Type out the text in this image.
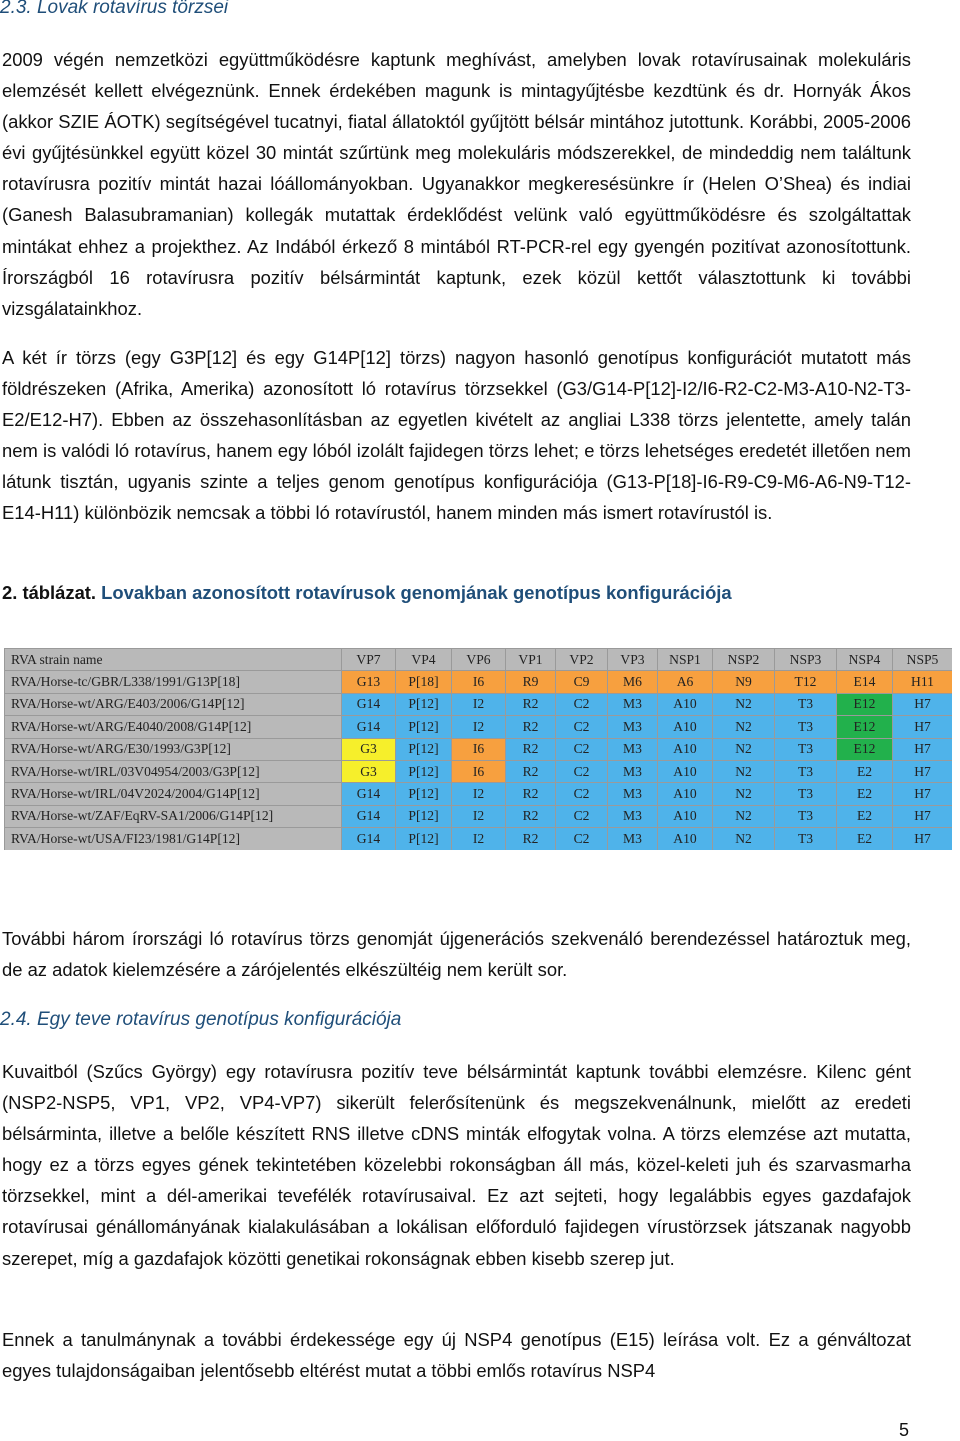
2.3. Lovak rotavírus törzsei

2009 végén nemzetközi együttműködésre kaptunk meghívást, amelyben lovak rotavírusainak molekuláris elemzését kellett elvégeznünk. Ennek érdekében magunk is mintagyűjtésbe kezdtünk és dr. Hornyák Ákos (akkor SZIE ÁOTK) segítségével tucatnyi, fiatal állatoktól gyűjtött bélsár mintához jutottunk. Korábbi, 2005-2006 évi gyűjtésünkkel együtt közel 30 mintát szűrtünk meg molekuláris módszerekkel, de mindeddig nem találtunk rotavírusra pozitív mintát hazai lóállományokban. Ugyanakkor megkeresésünkre ír (Helen O’Shea) és indiai (Ganesh Balasubramanian) kollegák mutattak érdeklődést velünk való együttműködésre és szolgáltattak mintákat ehhez a projekthez. Az Indából érkező 8 mintából RT-PCR-rel egy gyengén pozitívat azonosítottunk. Írországból 16 rotavírusra pozitív bélsármintát kaptunk, ezek közül kettőt választottunk ki további vizsgálatainkhoz.

A két ír törzs (egy G3P[12] és egy G14P[12] törzs) nagyon hasonló genotípus konfigurációt mutatott más földrészeken (Afrika, Amerika) azonosított ló rotavírus törzsekkel (G3/G14-P[12]-I2/I6-R2-C2-M3-A10-N2-T3-E2/E12-H7). Ebben az összehasonlításban az egyetlen kivételt az angliai L338 törzs jelentette, amely talán nem is valódi ló rotavírus, hanem egy lóból izolált fajidegen törzs lehet; e törzs lehetséges eredetét illetően nem látunk tisztán, ugyanis szinte a teljes genom genotípus konfigurációja (G13-P[18]-I6-R9-C9-M6-A6-N9-T12-E14-H11) különbözik nemcsak a többi ló rotavírustól, hanem minden más ismert rotavírustól is.

2. táblázat. Lovakban azonosított rotavírusok genomjának genotípus konfigurációja

RVA strain name	VP7	VP4	VP6	VP1	VP2	VP3	NSP1	NSP2	NSP3	NSP4	NSP5
RVA/Horse-tc/GBR/L338/1991/G13P[18]	G13	P[18]	I6	R9	C9	M6	A6	N9	T12	E14	H11
RVA/Horse-wt/ARG/E403/2006/G14P[12]	G14	P[12]	I2	R2	C2	M3	A10	N2	T3	E12	H7
RVA/Horse-wt/ARG/E4040/2008/G14P[12]	G14	P[12]	I2	R2	C2	M3	A10	N2	T3	E12	H7
RVA/Horse-wt/ARG/E30/1993/G3P[12]	G3	P[12]	I6	R2	C2	M3	A10	N2	T3	E12	H7
RVA/Horse-wt/IRL/03V04954/2003/G3P[12]	G3	P[12]	I6	R2	C2	M3	A10	N2	T3	E2	H7
RVA/Horse-wt/IRL/04V2024/2004/G14P[12]	G14	P[12]	I2	R2	C2	M3	A10	N2	T3	E2	H7
RVA/Horse-wt/ZAF/EqRV-SA1/2006/G14P[12]	G14	P[12]	I2	R2	C2	M3	A10	N2	T3	E2	H7
RVA/Horse-wt/USA/FI23/1981/G14P[12]	G14	P[12]	I2	R2	C2	M3	A10	N2	T3	E2	H7

További három írországi ló rotavírus törzs genomját újgenerációs szekvenáló berendezéssel határoztuk meg, de az adatok kielemzésére a zárójelentés elkészültéig nem került sor.

2.4. Egy teve rotavírus genotípus konfigurációja

Kuvaitból (Szűcs György) egy rotavírusra pozitív teve bélsármintát kaptunk további elemzésre. Kilenc gént (NSP2-NSP5, VP1, VP2, VP4-VP7) sikerült felerősítenünk és megszekvenálnunk, mielőtt az eredeti bélsárminta, illetve a belőle készített RNS illetve cDNS minták elfogytak volna. A törzs elemzése azt mutatta, hogy ez a törzs egyes gének tekintetében közelebbi rokonságban áll más, közel-keleti juh és szarvasmarha törzsekkel, mint a dél-amerikai tevefélék rotavírusaival. Ez azt sejteti, hogy legalábbis egyes gazdafajok rotavírusai génállományának kialakulásában a lokálisan előforduló fajidegen vírustörzsek játszanak nagyobb szerepet, míg a gazdafajok közötti genetikai rokonságnak ebben kisebb szerep jut.

Ennek a tanulmánynak a további érdekessége egy új NSP4 genotípus (E15) leírása volt. Ez a génváltozat egyes tulajdonságaiban jelentősebb eltérést mutat a többi emlős rotavírus NSP4

5
